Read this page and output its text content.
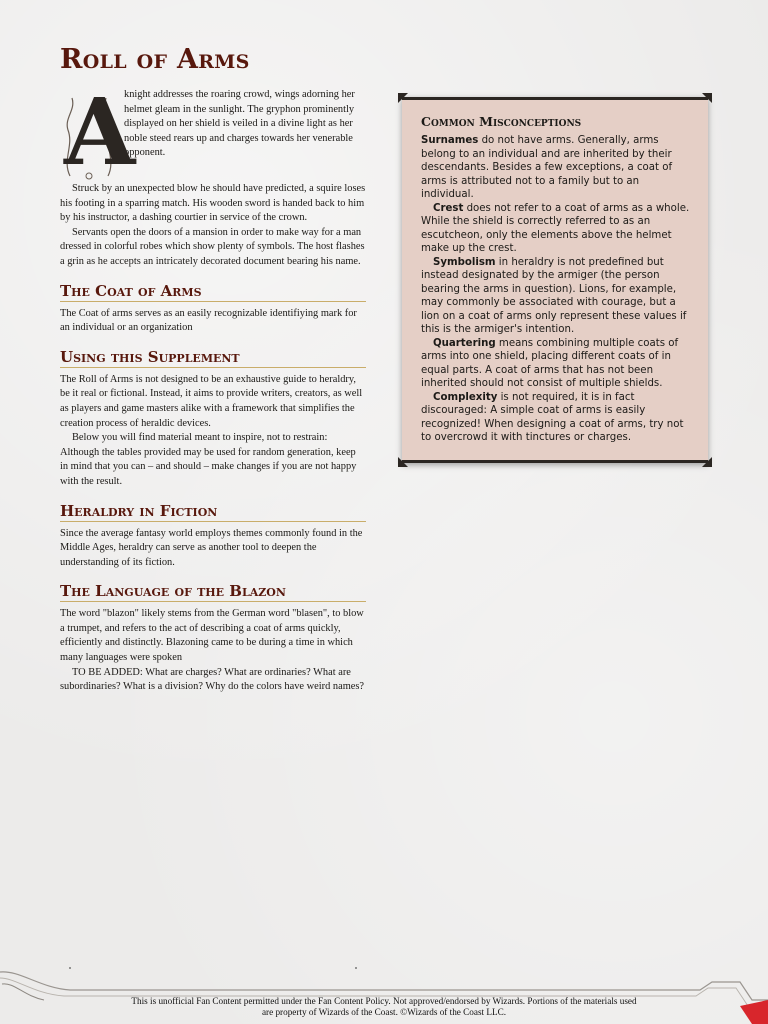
Roll of Arms
A

knight addresses the roaring crowd, wings adorning her helmet gleam in the sunlight. The gryphon prominently displayed on her shield is veiled in a divine light as her noble steed rears up and charges towards her venerable opponent.

Struck by an unexpected blow he should have predicted, a squire loses his footing in a sparring match. His wooden sword is handed back to him by his instructor, a dashing courtier in service of the crown.

Servants open the doors of a mansion in order to make way for a man dressed in colorful robes which show plenty of symbols. The host flashes a grin as he accepts an intricately decorated document bearing his name.

The Coat of Arms

The Coat of arms serves as an easily recognizable identifiying mark for an individual or an organization

Using this Supplement

The Roll of Arms is not designed to be an exhaustive guide to heraldry, be it real or fictional. Instead, it aims to provide writers, creators, as well as players and game masters alike with a framework that simplifies the creation process of heraldic devices.

Below you will find material meant to inspire, not to restrain: Although the tables provided may be used for random generation, keep in mind that you can – and should – make changes if you are not happy with the result.

Heraldry in Fiction

Since the average fantasy world employs themes commonly found in the Middle Ages, heraldry can serve as another tool to deepen the understanding of its fiction.

The Language of the Blazon

The word "blazon" likely stems from the German word "blasen", to blow a trumpet, and refers to the act of describing a coat of arms quickly, efficiently and distinctly. Blazoning came to be during a time in which many languages were spoken

TO BE ADDED: What are charges? What are ordinaries? What are subordinaries? What is a division? Why do the colors have weird names?

Common Misconceptions

Surnames do not have arms. Generally, arms belong to an individual and are inherited by their descendants. Besides a few exceptions, a coat of arms is attributed not to a family but to an individual.

Crest does not refer to a coat of arms as a whole. While the shield is correctly referred to as an escutcheon, only the elements above the helmet make up the crest.

Symbolism in heraldry is not predefined but instead designated by the armiger (the person bearing the arms in question). Lions, for example, may commonly be associated with courage, but a lion on a coat of arms only represent these values if this is the armiger's intention.

Quartering means combining multiple coats of arms into one shield, placing different coats of in equal parts. A coat of arms that has not been inherited should not consist of multiple shields.

Complexity is not required, it is in fact discouraged: A simple coat of arms is easily recognized! When designing a coat of arms, try not to overcrowd it with tinctures or charges.

This is unofficial Fan Content permitted under the Fan Content Policy. Not approved/endorsed by Wizards. Portions of the materials used
are property of Wizards of the Coast. ©Wizards of the Coast LLC.
